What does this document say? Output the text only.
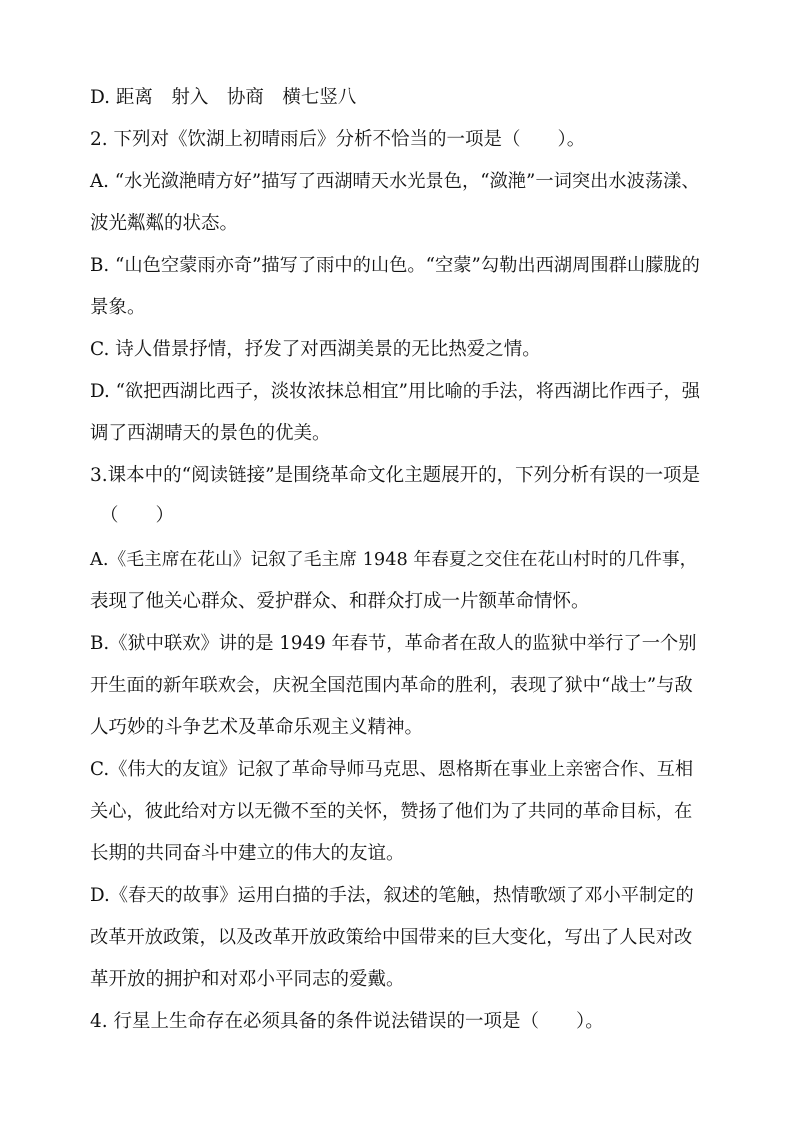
D. 距离　射入　协商　横七竖八
2. 下列对《饮湖上初晴雨后》分析不恰当的一项是（　　）。
A. “水光潋滟晴方好”描写了西湖晴天水光景色，“潋滟”一词突出水波荡漾、
波光粼粼的状态。
B. “山色空蒙雨亦奇”描写了雨中的山色。“空蒙”勾勒出西湖周围群山朦胧的
景象。
C. 诗人借景抒情，抒发了对西湖美景的无比热爱之情。
D. “欲把西湖比西子，淡妆浓抹总相宜”用比喻的手法，将西湖比作西子，强
调了西湖晴天的景色的优美。
3.课本中的“阅读链接”是围绕革命文化主题展开的，下列分析有误的一项是
（　　）
A.《毛主席在花山》记叙了毛主席 1948 年春夏之交住在花山村时的几件事，
表现了他关心群众、爱护群众、和群众打成一片额革命情怀。
B.《狱中联欢》讲的是 1949 年春节，革命者在敌人的监狱中举行了一个别
开生面的新年联欢会，庆祝全国范围内革命的胜利，表现了狱中“战士”与敌
人巧妙的斗争艺术及革命乐观主义精神。
C.《伟大的友谊》记叙了革命导师马克思、恩格斯在事业上亲密合作、互相
关心，彼此给对方以无微不至的关怀，赞扬了他们为了共同的革命目标，在
长期的共同奋斗中建立的伟大的友谊。
D.《春天的故事》运用白描的手法，叙述的笔触，热情歌颂了邓小平制定的
改革开放政策，以及改革开放政策给中国带来的巨大变化，写出了人民对改
革开放的拥护和对邓小平同志的爱戴。
4. 行星上生命存在必须具备的条件说法错误的一项是（　　）。
